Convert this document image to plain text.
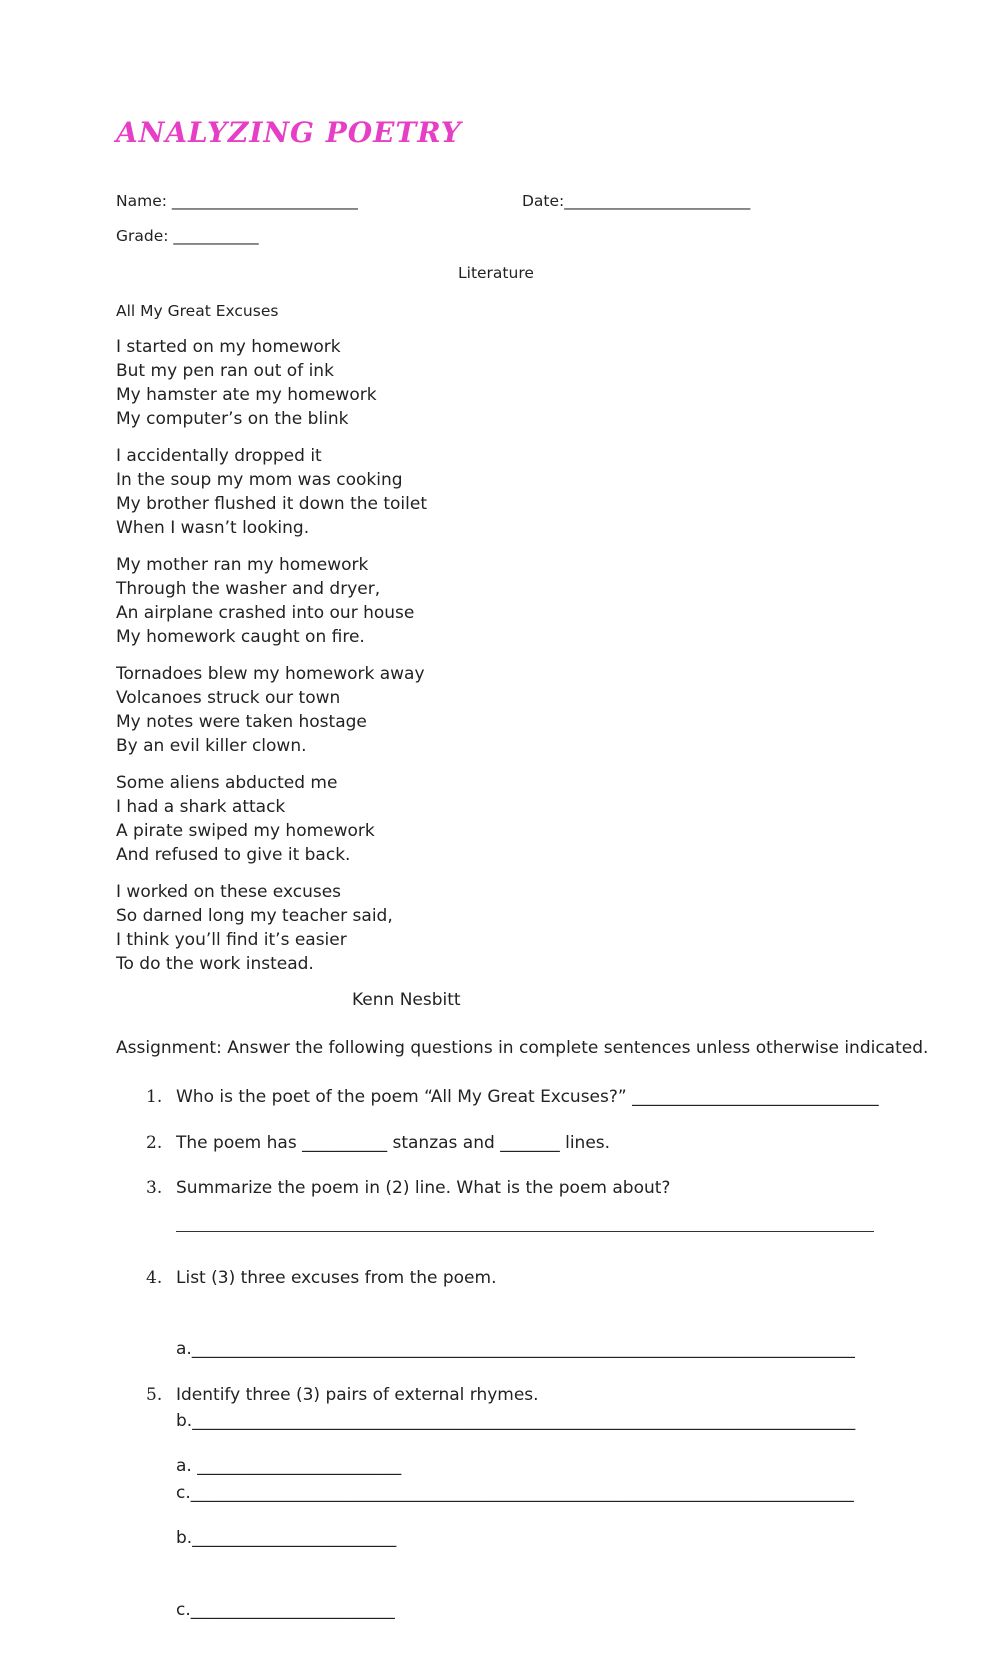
ANALYZING POETRY
Name: ________________________	Date:________________________
Grade: ___________
Literature
All My Great Excuses
I started on my homework
But my pen ran out of ink
My hamster ate my homework
My computer’s on the blink
I accidentally dropped it
In the soup my mom was cooking
My brother flushed it down the toilet
When I wasn’t looking.
My mother ran my homework
Through the washer and dryer,
An airplane crashed into our house
My homework caught on fire.
Tornadoes blew my homework away
Volcanoes struck our town
My notes were taken hostage
By an evil killer clown.
Some aliens abducted me
I had a shark attack
A pirate swiped my homework
And refused to give it back.
I worked on these excuses
So darned long my teacher said,
I think you’ll find it’s easier
To do the work instead.
Kenn Nesbitt
Assignment: Answer the following questions in complete sentences unless otherwise indicated.
1. Who is the poet of the poem “All My Great Excuses?” _____________________________
2. The poem has __________ stanzas and _______ lines.
3. Summarize the poem in (2) line. What is the poem about?
4. List (3) three excuses from the poem.

a.______________________________________________________________________________

b.______________________________________________________________________________

c.______________________________________________________________________________

5. Identify three (3) pairs of external rhymes.

a. ________________________

b.________________________

c.________________________
